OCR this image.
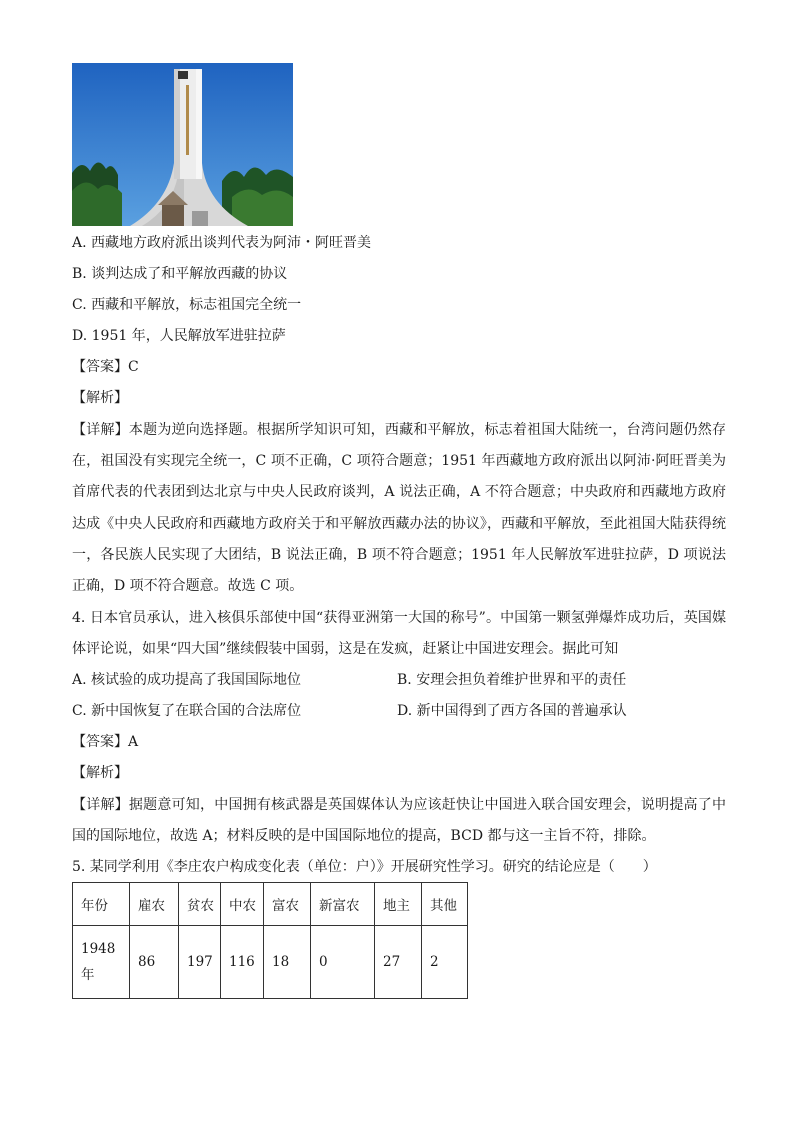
A. 西藏地方政府派出谈判代表为阿沛・阿旺晋美
B. 谈判达成了和平解放西藏的协议
C. 西藏和平解放，标志祖国完全统一
D. 1951 年，人民解放军进驻拉萨
【答案】C
【解析】
【详解】本题为逆向选择题。根据所学知识可知，西藏和平解放，标志着祖国大陆统一，台湾问题仍然存在，祖国没有实现完全统一，C 项不正确，C 项符合题意；1951 年西藏地方政府派出以阿沛·阿旺晋美为首席代表的代表团到达北京与中央人民政府谈判，A 说法正确，A 不符合题意；中央政府和西藏地方政府达成《中央人民政府和西藏地方政府关于和平解放西藏办法的协议》，西藏和平解放，至此祖国大陆获得统一，各民族人民实现了大团结，B 说法正确，B 项不符合题意；1951 年人民解放军进驻拉萨，D 项说法正确，D 项不符合题意。故选 C 项。
4. 日本官员承认，进入核俱乐部使中国“获得亚洲第一大国的称号”。中国第一颗氢弹爆炸成功后，英国媒体评论说，如果“四大国”继续假装中国弱，这是在发疯，赶紧让中国进安理会。据此可知
A. 核试验的成功提高了我国国际地位	B. 安理会担负着维护世界和平的责任
C. 新中国恢复了在联合国的合法席位	D. 新中国得到了西方各国的普遍承认
【答案】A
【解析】
【详解】据题意可知，中国拥有核武器是英国媒体认为应该赶快让中国进入联合国安理会，说明提高了中国的国际地位，故选 A；材料反映的是中国国际地位的提高，BCD 都与这一主旨不符，排除。
5. 某同学利用《李庄农户构成变化表（单位：户）》开展研究性学习。研究的结论应是（　　）
年份	雇农	贫农	中农	富农	新富农	地主	其他

1948
年	86	197	116	18	0	27	2
